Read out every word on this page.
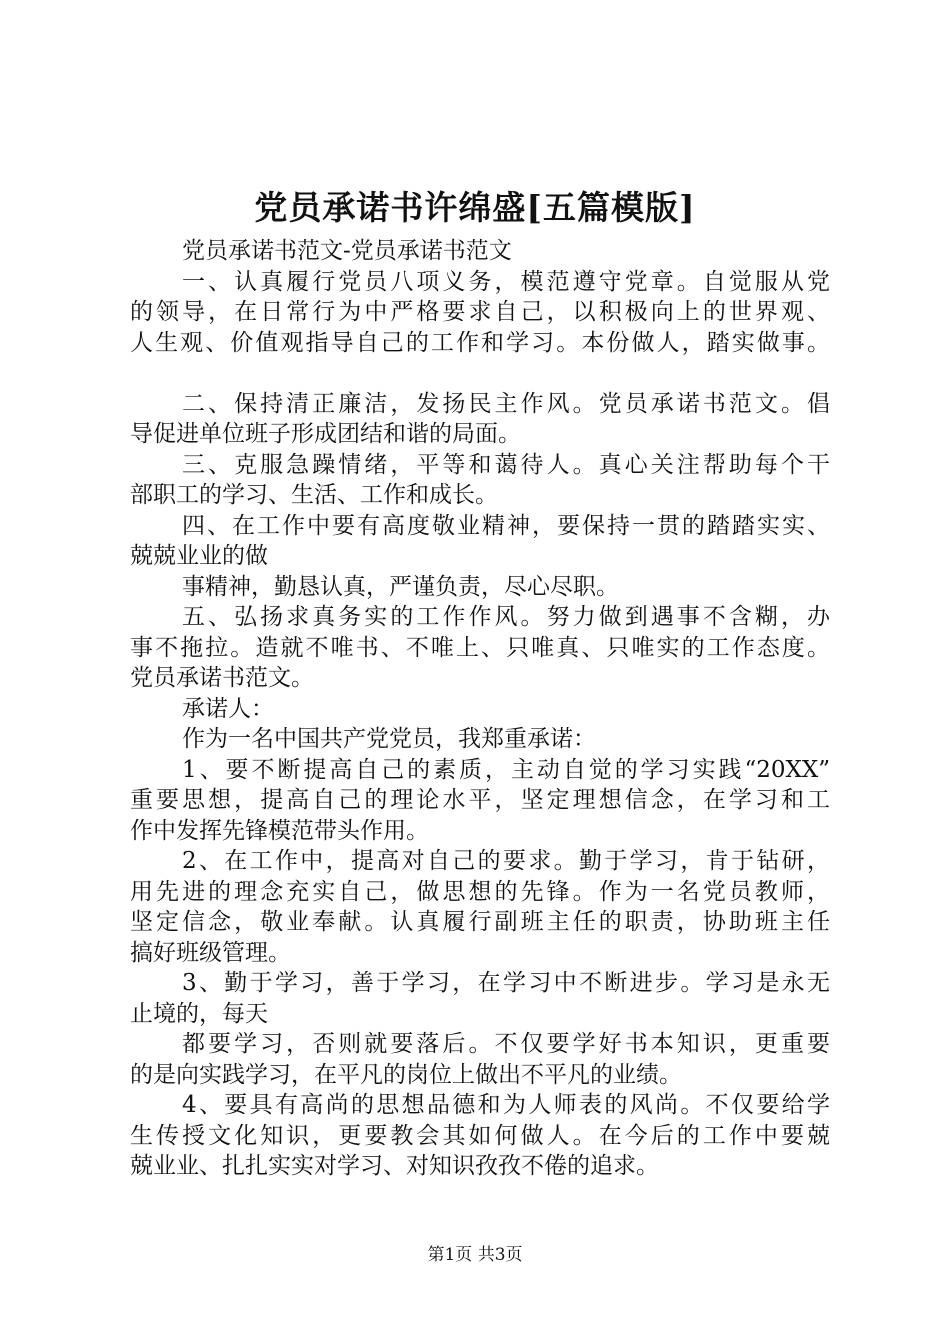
党员承诺书许绵盛[五篇模版]
党员承诺书范文-党员承诺书范文
一、认真履行党员八项义务，模范遵守党章。自觉服从党
的领导，在日常行为中严格要求自己，以积极向上的世界观、
人生观、价值观指导自己的工作和学习。本份做人，踏实做事。
二、保持清正廉洁，发扬民主作风。党员承诺书范文。倡
导促进单位班子形成团结和谐的局面。
三、克服急躁情绪，平等和蔼待人。真心关注帮助每个干
部职工的学习、生活、工作和成长。
四、在工作中要有高度敬业精神，要保持一贯的踏踏实实、
兢兢业业的做
事精神，勤恳认真，严谨负责，尽心尽职。
五、弘扬求真务实的工作作风。努力做到遇事不含糊，办
事不拖拉。造就不唯书、不唯上、只唯真、只唯实的工作态度。
党员承诺书范文。
承诺人：
作为一名中国共产党党员，我郑重承诺：
1、要不断提高自己的素质，主动自觉的学习实践“20XX”
重要思想，提高自己的理论水平，坚定理想信念，在学习和工
作中发挥先锋模范带头作用。
2、在工作中，提高对自己的要求。勤于学习，肯于钻研，
用先进的理念充实自己，做思想的先锋。作为一名党员教师，
坚定信念，敬业奉献。认真履行副班主任的职责，协助班主任
搞好班级管理。
3、勤于学习，善于学习，在学习中不断进步。学习是永无
止境的，每天
都要学习，否则就要落后。不仅要学好书本知识，更重要
的是向实践学习，在平凡的岗位上做出不平凡的业绩。
4、要具有高尚的思想品德和为人师表的风尚。不仅要给学
生传授文化知识，更要教会其如何做人。在今后的工作中要兢
兢业业、扎扎实实对学习、对知识孜孜不倦的追求。
第1页 共3页
